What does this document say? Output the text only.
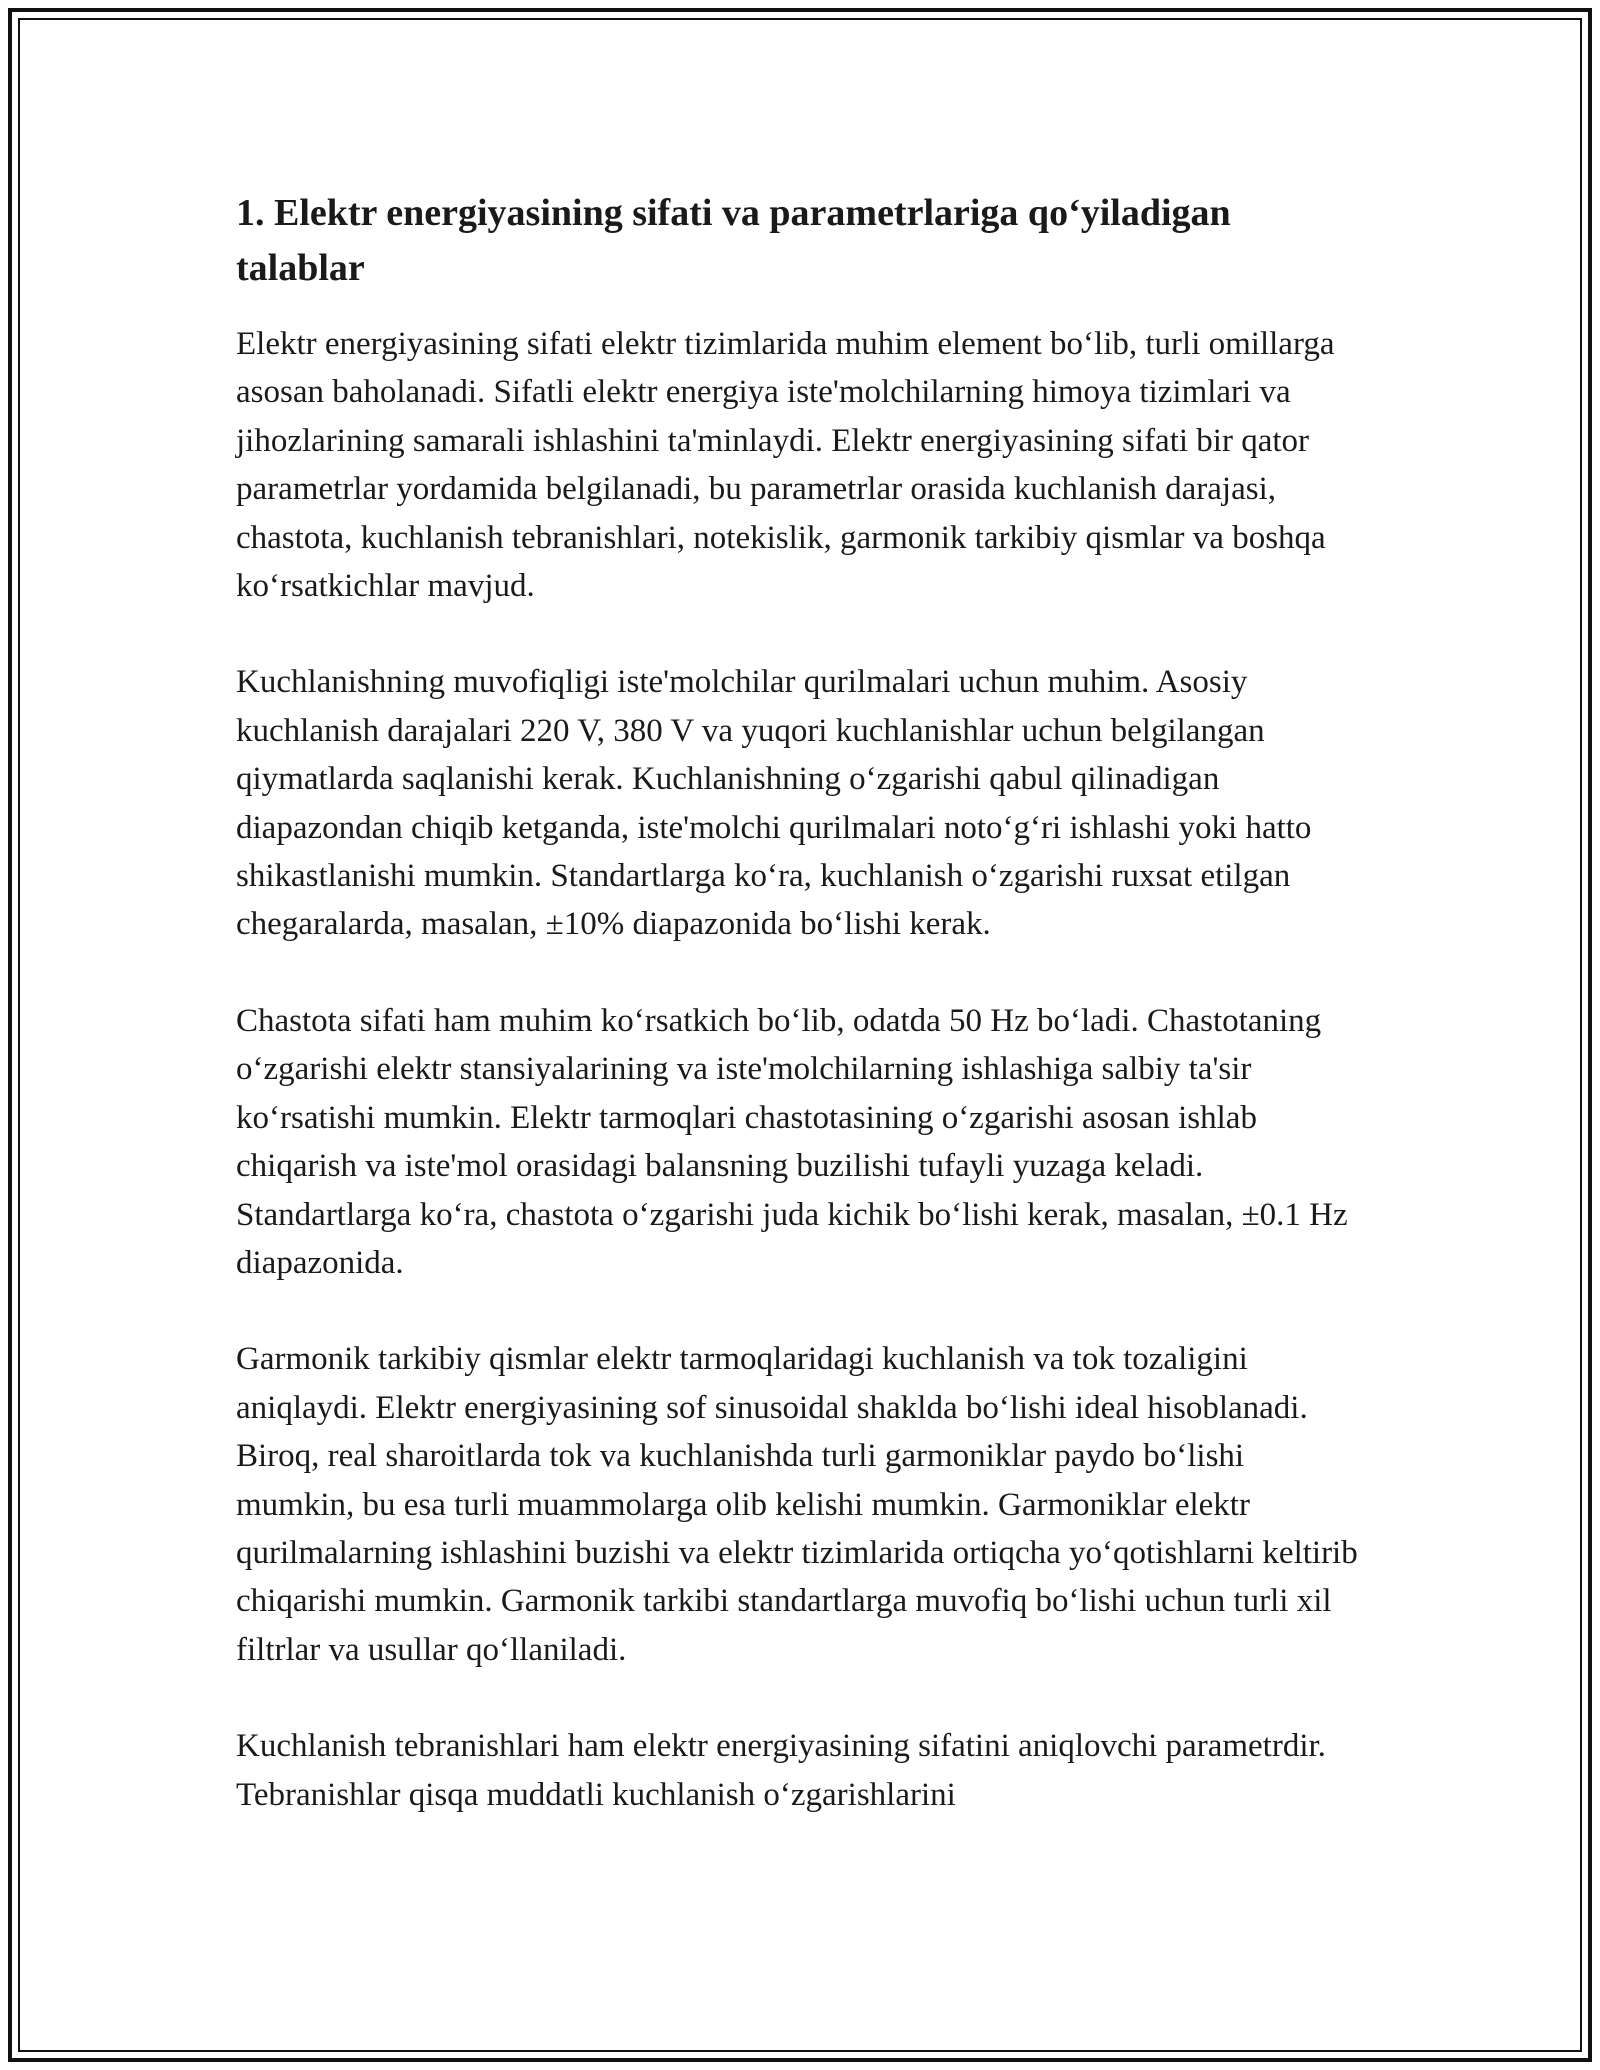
1. Elektr energiyasining sifati va parametrlariga qo‘yiladigan talablar

Elektr energiyasining sifati elektr tizimlarida muhim element bo‘lib, turli omillarga asosan baholanadi. Sifatli elektr energiya iste'molchilarning himoya tizimlari va jihozlarining samarali ishlashini ta'minlaydi. Elektr energiyasining sifati bir qator parametrlar yordamida belgilanadi, bu parametrlar orasida kuchlanish darajasi, chastota, kuchlanish tebranishlari, notekislik, garmonik tarkibiy qismlar va boshqa ko‘rsatkichlar mavjud.

Kuchlanishning muvofiqligi iste'molchilar qurilmalari uchun muhim. Asosiy kuchlanish darajalari 220 V, 380 V va yuqori kuchlanishlar uchun belgilangan qiymatlarda saqlanishi kerak. Kuchlanishning o‘zgarishi qabul qilinadigan diapazondan chiqib ketganda, iste'molchi qurilmalari noto‘g‘ri ishlashi yoki hatto shikastlanishi mumkin. Standartlarga ko‘ra, kuchlanish o‘zgarishi ruxsat etilgan chegaralarda, masalan, ±10% diapazonida bo‘lishi kerak.

Chastota sifati ham muhim ko‘rsatkich bo‘lib, odatda 50 Hz bo‘ladi. Chastotaning o‘zgarishi elektr stansiyalarining va iste'molchilarning ishlashiga salbiy ta'sir ko‘rsatishi mumkin. Elektr tarmoqlari chastotasining o‘zgarishi asosan ishlab chiqarish va iste'mol orasidagi balansning buzilishi tufayli yuzaga keladi. Standartlarga ko‘ra, chastota o‘zgarishi juda kichik bo‘lishi kerak, masalan, ±0.1 Hz diapazonida.

Garmonik tarkibiy qismlar elektr tarmoqlaridagi kuchlanish va tok tozaligini aniqlaydi. Elektr energiyasining sof sinusoidal shaklda bo‘lishi ideal hisoblanadi. Biroq, real sharoitlarda tok va kuchlanishda turli garmoniklar paydo bo‘lishi mumkin, bu esa turli muammolarga olib kelishi mumkin. Garmoniklar elektr qurilmalarning ishlashini buzishi va elektr tizimlarida ortiqcha yo‘qotishlarni keltirib chiqarishi mumkin. Garmonik tarkibi standartlarga muvofiq bo‘lishi uchun turli xil filtrlar va usullar qo‘llaniladi.

Kuchlanish tebranishlari ham elektr energiyasining sifatini aniqlovchi parametrdir. Tebranishlar qisqa muddatli kuchlanish o‘zgarishlarini
